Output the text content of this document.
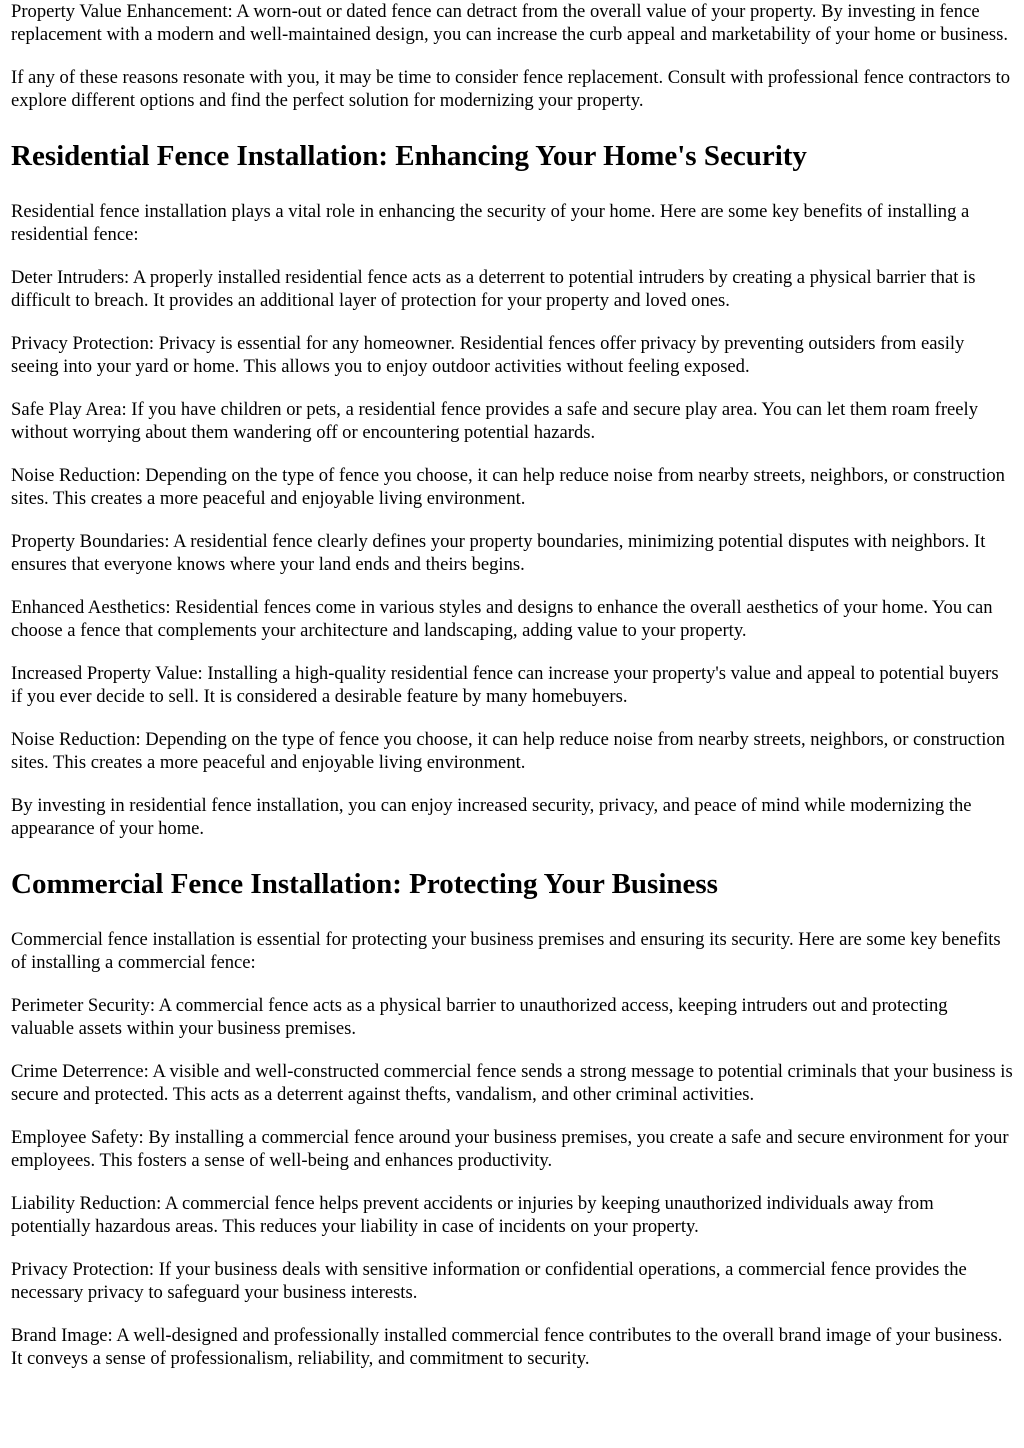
Property Value Enhancement: A worn-out or dated fence can detract from the overall value of your property. By investing in fence replacement with a modern and well-maintained design, you can increase the curb appeal and marketability of your home or business.

If any of these reasons resonate with you, it may be time to consider fence replacement. Consult with professional fence contractors to explore different options and find the perfect solution for modernizing your property.

Residential Fence Installation: Enhancing Your Home's Security

Residential fence installation plays a vital role in enhancing the security of your home. Here are some key benefits of installing a residential fence:

Deter Intruders: A properly installed residential fence acts as a deterrent to potential intruders by creating a physical barrier that is difficult to breach. It provides an additional layer of protection for your property and loved ones.

Privacy Protection: Privacy is essential for any homeowner. Residential fences offer privacy by preventing outsiders from easily seeing into your yard or home. This allows you to enjoy outdoor activities without feeling exposed.

Safe Play Area: If you have children or pets, a residential fence provides a safe and secure play area. You can let them roam freely without worrying about them wandering off or encountering potential hazards.

Noise Reduction: Depending on the type of fence you choose, it can help reduce noise from nearby streets, neighbors, or construction sites. This creates a more peaceful and enjoyable living environment.

Property Boundaries: A residential fence clearly defines your property boundaries, minimizing potential disputes with neighbors. It ensures that everyone knows where your land ends and theirs begins.

Enhanced Aesthetics: Residential fences come in various styles and designs to enhance the overall aesthetics of your home. You can choose a fence that complements your architecture and landscaping, adding value to your property.

Increased Property Value: Installing a high-quality residential fence can increase your property's value and appeal to potential buyers if you ever decide to sell. It is considered a desirable feature by many homebuyers.

Noise Reduction: Depending on the type of fence you choose, it can help reduce noise from nearby streets, neighbors, or construction sites. This creates a more peaceful and enjoyable living environment.

By investing in residential fence installation, you can enjoy increased security, privacy, and peace of mind while modernizing the appearance of your home.

Commercial Fence Installation: Protecting Your Business

Commercial fence installation is essential for protecting your business premises and ensuring its security. Here are some key benefits of installing a commercial fence:

Perimeter Security: A commercial fence acts as a physical barrier to unauthorized access, keeping intruders out and protecting valuable assets within your business premises.

Crime Deterrence: A visible and well-constructed commercial fence sends a strong message to potential criminals that your business is secure and protected. This acts as a deterrent against thefts, vandalism, and other criminal activities.

Employee Safety: By installing a commercial fence around your business premises, you create a safe and secure environment for your employees. This fosters a sense of well-being and enhances productivity.

Liability Reduction: A commercial fence helps prevent accidents or injuries by keeping unauthorized individuals away from potentially hazardous areas. This reduces your liability in case of incidents on your property.

Privacy Protection: If your business deals with sensitive information or confidential operations, a commercial fence provides the necessary privacy to safeguard your business interests.

Brand Image: A well-designed and professionally installed commercial fence contributes to the overall brand image of your business. It conveys a sense of professionalism, reliability, and commitment to security.
